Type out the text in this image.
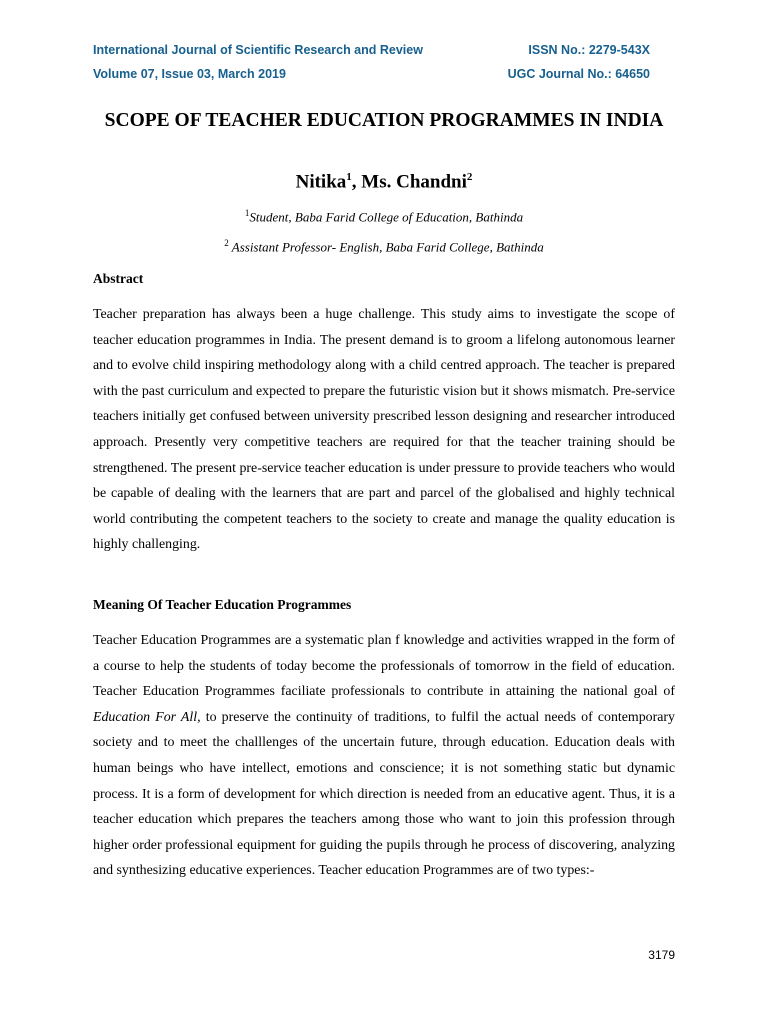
International Journal of Scientific Research and Review	ISSN No.: 2279-543X
Volume 07, Issue 03, March 2019	UGC Journal No.: 64650
SCOPE OF TEACHER EDUCATION PROGRAMMES IN INDIA
Nitika$^1$, Ms. Chandni$^2$
$^1$Student, Baba Farid College of Education, Bathinda
$^2$ Assistant Professor- English, Baba Farid College, Bathinda
Abstract

Teacher preparation has always been a huge challenge. This study aims to investigate the scope of teacher education programmes in India. The present demand is to groom a lifelong autonomous learner and to evolve child inspiring methodology along with a child centred approach. The teacher is prepared with the past curriculum and expected to prepare the futuristic vision but it shows mismatch. Pre-service teachers initially get confused between university prescribed lesson designing and researcher introduced approach. Presently very competitive teachers are required for that the teacher training should be strengthened. The present pre-service teacher education is under pressure to provide teachers who would be capable of dealing with the learners that are part and parcel of the globalised and highly technical world contributing the competent teachers to the society to create and manage the quality education is highly challenging.

Meaning Of Teacher Education Programmes

Teacher Education Programmes are a systematic plan f knowledge and activities wrapped in the form of a course to help the students of today become the professionals of tomorrow in the field of education. Teacher Education Programmes faciliate professionals to contribute in attaining the national goal of Education For All, to preserve the continuity of traditions, to fulfil the actual needs of contemporary society and to meet the challlenges of the uncertain future, through education. Education deals with human beings who have intellect, emotions and conscience; it is not something static but dynamic process. It is a form of development for which direction is needed from an educative agent. Thus, it is a teacher education which prepares the teachers among those who want to join this profession through higher order professional equipment for guiding the pupils through he process of discovering, analyzing and synthesizing educative experiences. Teacher education Programmes are of two types:-

3179
